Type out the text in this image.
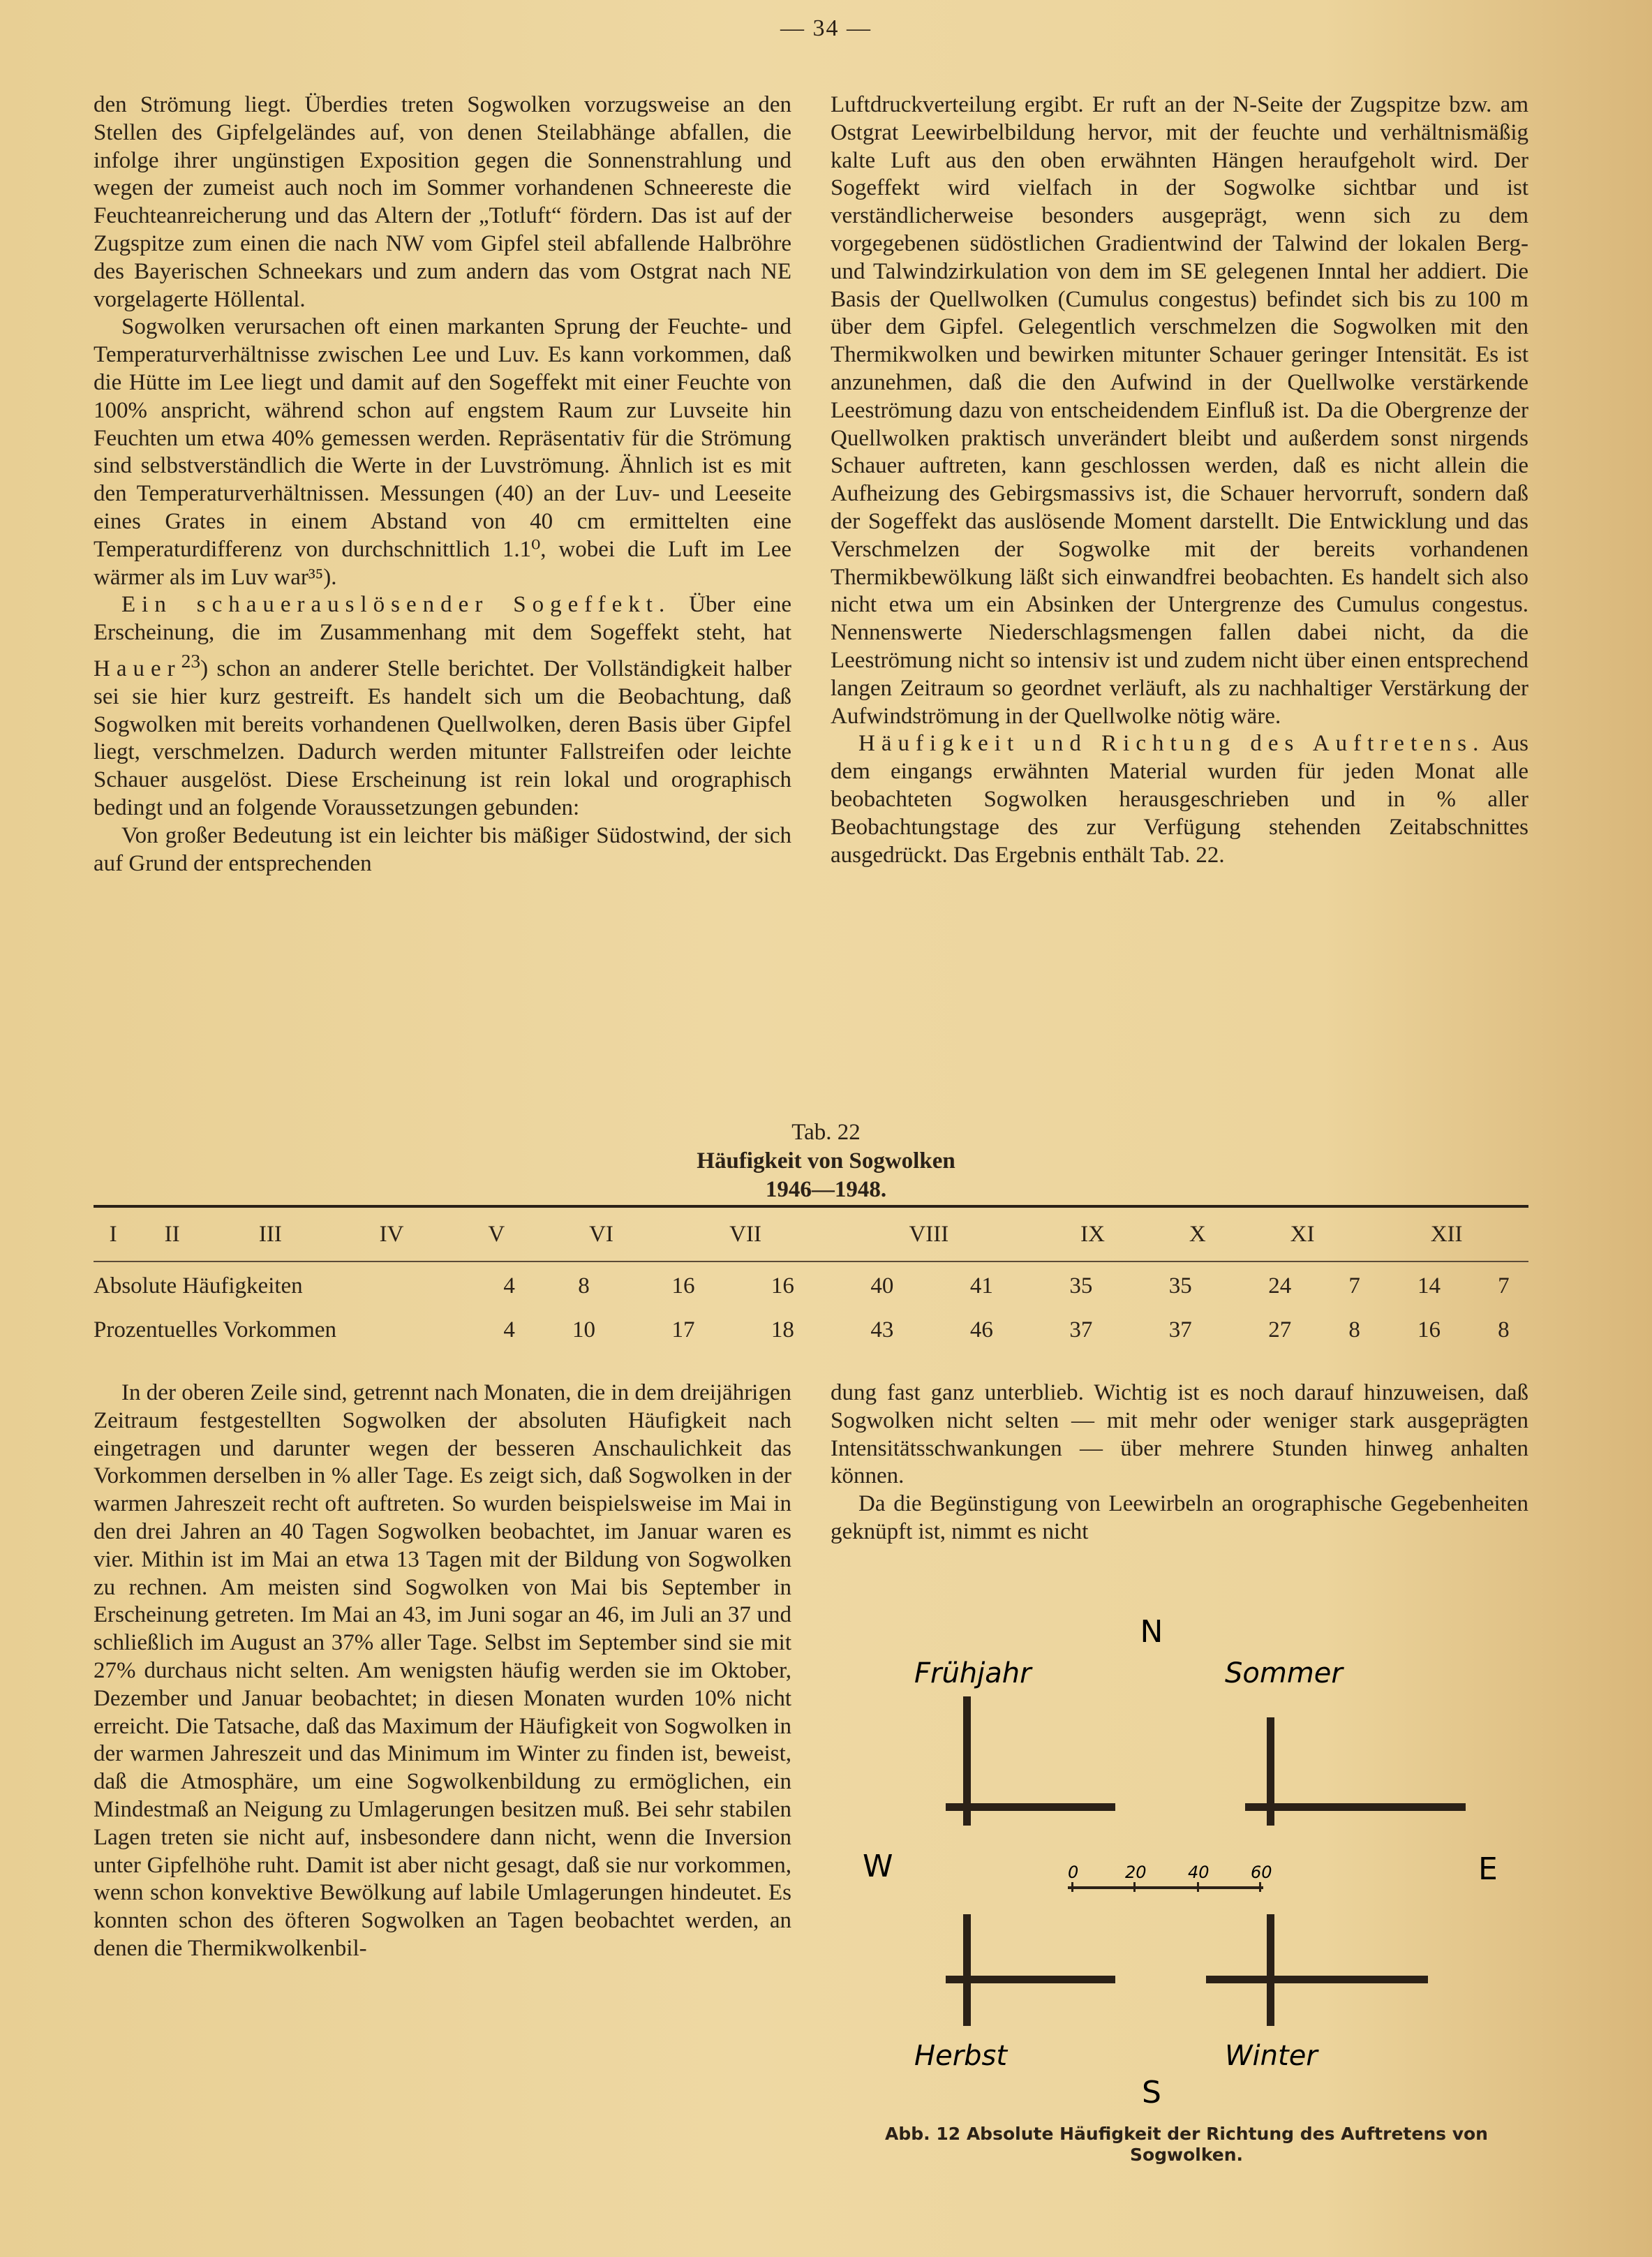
— 34 —

den Strömung liegt. Überdies treten Sogwolken vorzugsweise an den Stellen des Gipfelgeländes auf, von denen Steilabhänge abfallen, die infolge ihrer ungünstigen Exposition gegen die Sonnenstrahlung und wegen der zumeist auch noch im Sommer vorhandenen Schneereste die Feuchteanreicherung und das Altern der „Totluft“ fördern. Das ist auf der Zugspitze zum einen die nach NW vom Gipfel steil abfallende Halbröhre des Bayerischen Schneekars und zum andern das vom Ostgrat nach NE vorgelagerte Höllental.

Sogwolken verursachen oft einen markanten Sprung der Feuchte- und Temperaturverhältnisse zwischen Lee und Luv. Es kann vorkommen, daß die Hütte im Lee liegt und damit auf den Sogeffekt mit einer Feuchte von 100% anspricht, während schon auf engstem Raum zur Luvseite hin Feuchten um etwa 40% gemessen werden. Repräsentativ für die Strömung sind selbstverständlich die Werte in der Luvströmung. Ähnlich ist es mit den Temperaturverhältnissen. Messungen (40) an der Luv- und Leeseite eines Grates in einem Abstand von 40 cm ermittelten eine Temperaturdifferenz von durchschnittlich 1.1⁰, wobei die Luft im Lee wärmer als im Luv war³⁵).

Ein schauerauslösender Sogeffekt. Über eine Erscheinung, die im Zusammenhang mit dem Sogeffekt steht, hat Hauer$^{23}$) schon an anderer Stelle berichtet. Der Vollständigkeit halber sei sie hier kurz gestreift. Es handelt sich um die Beobachtung, daß Sogwolken mit bereits vorhandenen Quellwolken, deren Basis über Gipfel liegt, verschmelzen. Dadurch werden mitunter Fallstreifen oder leichte Schauer ausgelöst. Diese Erscheinung ist rein lokal und orographisch bedingt und an folgende Voraussetzungen gebunden:

Von großer Bedeutung ist ein leichter bis mäßiger Südostwind, der sich auf Grund der entsprechenden

Luftdruckverteilung ergibt. Er ruft an der N-Seite der Zugspitze bzw. am Ostgrat Leewirbelbildung hervor, mit der feuchte und verhältnismäßig kalte Luft aus den oben erwähnten Hängen heraufgeholt wird. Der Sogeffekt wird vielfach in der Sogwolke sichtbar und ist verständlicherweise besonders ausgeprägt, wenn sich zu dem vorgegebenen südöstlichen Gradientwind der Talwind der lokalen Berg- und Talwindzirkulation von dem im SE gelegenen Inntal her addiert. Die Basis der Quellwolken (Cumulus congestus) befindet sich bis zu 100 m über dem Gipfel. Gelegentlich verschmelzen die Sogwolken mit den Thermikwolken und bewirken mitunter Schauer geringer Intensität. Es ist anzunehmen, daß die den Aufwind in der Quellwolke verstärkende Leeströmung dazu von entscheidendem Einfluß ist. Da die Obergrenze der Quellwolken praktisch unverändert bleibt und außerdem sonst nirgends Schauer auftreten, kann geschlossen werden, daß es nicht allein die Aufheizung des Gebirgsmassivs ist, die Schauer hervorruft, sondern daß der Sogeffekt das auslösende Moment darstellt. Die Entwicklung und das Verschmelzen der Sogwolke mit der bereits vorhandenen Thermikbewölkung läßt sich einwandfrei beobachten. Es handelt sich also nicht etwa um ein Absinken der Untergrenze des Cumulus congestus. Nennenswerte Niederschlagsmengen fallen dabei nicht, da die Leeströmung nicht so intensiv ist und zudem nicht über einen entsprechend langen Zeitraum so geordnet verläuft, als zu nachhaltiger Verstärkung der Aufwindströmung in der Quellwolke nötig wäre.

Häufigkeit und Richtung des Auftretens. Aus dem eingangs erwähnten Material wurden für jeden Monat alle beobachteten Sogwolken herausgeschrieben und in % aller Beobachtungstage des zur Verfügung stehenden Zeitabschnittes ausgedrückt. Das Ergebnis enthält Tab. 22.

Tab. 22
Häufigkeit von Sogwolken
1946—1948.
	I	II	III	IV	V	VI	VII	VIII	IX	X	XI	XII
Absolute Häufigkeiten	4	8	16	16	40	41	35	35	24	7	14	7
Prozentuelles Vorkommen	4	10	17	18	43	46	37	37	27	8	16	8

In der oberen Zeile sind, getrennt nach Monaten, die in dem dreijährigen Zeitraum festgestellten Sogwolken der absoluten Häufigkeit nach eingetragen und darunter wegen der besseren Anschaulichkeit das Vorkommen derselben in % aller Tage. Es zeigt sich, daß Sogwolken in der warmen Jahreszeit recht oft auftreten. So wurden beispielsweise im Mai in den drei Jahren an 40 Tagen Sogwolken beobachtet, im Januar waren es vier. Mithin ist im Mai an etwa 13 Tagen mit der Bildung von Sogwolken zu rechnen. Am meisten sind Sogwolken von Mai bis September in Erscheinung getreten. Im Mai an 43, im Juni sogar an 46, im Juli an 37 und schließlich im August an 37% aller Tage. Selbst im September sind sie mit 27% durchaus nicht selten. Am wenigsten häufig werden sie im Oktober, Dezember und Januar beobachtet; in diesen Monaten wurden 10% nicht erreicht. Die Tatsache, daß das Maximum der Häufigkeit von Sogwolken in der warmen Jahreszeit und das Minimum im Winter zu finden ist, beweist, daß die Atmosphäre, um eine Sogwolkenbildung zu ermöglichen, ein Mindestmaß an Neigung zu Umlagerungen besitzen muß. Bei sehr stabilen Lagen treten sie nicht auf, insbesondere dann nicht, wenn die Inversion unter Gipfelhöhe ruht. Damit ist aber nicht gesagt, daß sie nur vorkommen, wenn schon konvektive Bewölkung auf labile Umlagerungen hindeutet. Es konnten schon des öfteren Sogwolken an Tagen beobachtet werden, an denen die Thermikwolkenbil-

dung fast ganz unterblieb. Wichtig ist es noch darauf hinzuweisen, daß Sogwolken nicht selten — mit mehr oder weniger stark ausgeprägten Intensitätsschwankungen — über mehrere Stunden hinweg anhalten können.

Da die Begünstigung von Leewirbeln an orographische Gegebenheiten geknüpft ist, nimmt es nicht

N
Frühjahr	Sommer
W	E
0	20 40 60
Herbst	Winter
S
Abb. 12 Absolute Häufigkeit der Richtung des Auftretens von Sogwolken.
